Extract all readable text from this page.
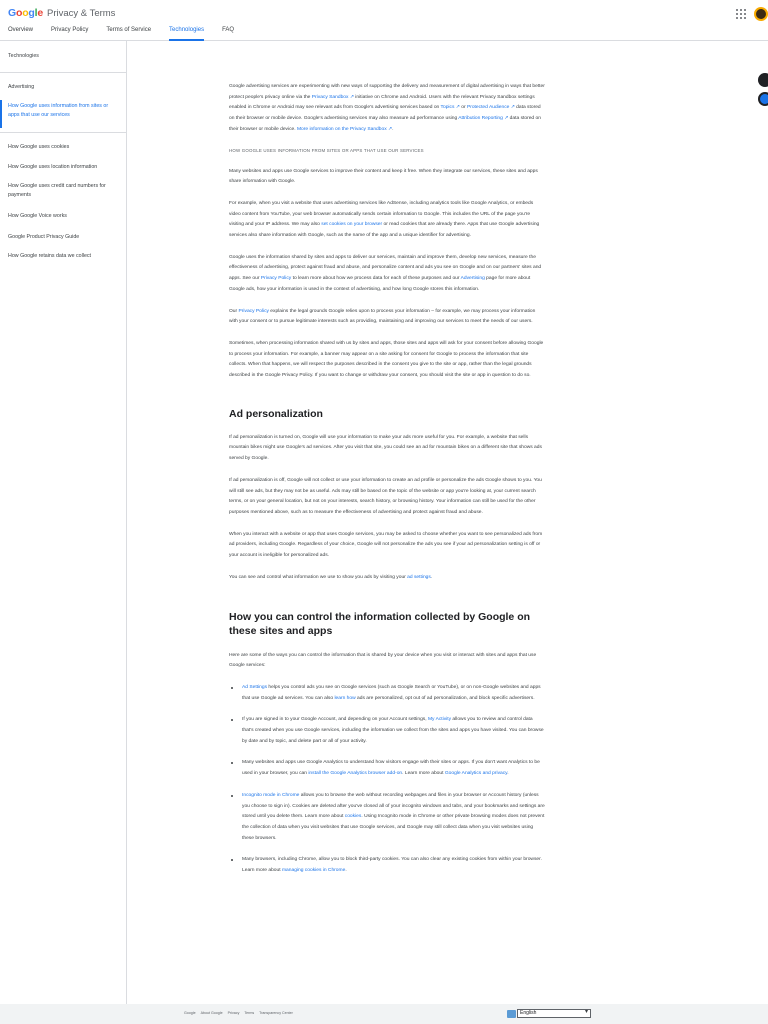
Google Privacy & Terms
Overview	Privacy Policy	Terms of Service	Technologies	FAQ
Technologies
Advertising
How Google uses information from sites or apps that use our services
How Google uses cookies
How Google uses location information
How Google uses credit card numbers for payments
How Google Voice works
Google Product Privacy Guide
How Google retains data we collect

Google advertising services are experimenting with new ways of supporting the delivery and measurement of digital advertising in ways that better protect people's privacy online via the Privacy Sandbox ↗ initiative on Chrome and Android. Users with the relevant Privacy Sandbox settings enabled in Chrome or Android may see relevant ads from Google's advertising services based on Topics ↗ or Protected Audience ↗ data stored on their browser or mobile device. Google's advertising services may also measure ad performance using Attribution Reporting ↗ data stored on their browser or mobile device. More information on the Privacy Sandbox ↗.

HOW GOOGLE USES INFORMATION FROM SITES OR APPS THAT USE OUR SERVICES

Many websites and apps use Google services to improve their content and keep it free. When they integrate our services, these sites and apps share information with Google.

For example, when you visit a website that uses advertising services like AdSense, including analytics tools like Google Analytics, or embeds video content from YouTube, your web browser automatically sends certain information to Google. This includes the URL of the page you're visiting and your IP address. We may also set cookies on your browser or read cookies that are already there. Apps that use Google advertising services also share information with Google, such as the name of the app and a unique identifier for advertising.

Google uses the information shared by sites and apps to deliver our services, maintain and improve them, develop new services, measure the effectiveness of advertising, protect against fraud and abuse, and personalize content and ads you see on Google and on our partners' sites and apps. See our Privacy Policy to learn more about how we process data for each of these purposes and our Advertising page for more about Google ads, how your information is used in the context of advertising, and how long Google stores this information.

Our Privacy Policy explains the legal grounds Google relies upon to process your information – for example, we may process your information with your consent or to pursue legitimate interests such as providing, maintaining and improving our services to meet the needs of our users.

Sometimes, when processing information shared with us by sites and apps, those sites and apps will ask for your consent before allowing Google to process your information. For example, a banner may appear on a site asking for consent for Google to process the information that site collects. When that happens, we will respect the purposes described in the consent you give to the site or app, rather than the legal grounds described in the Google Privacy Policy. If you want to change or withdraw your consent, you should visit the site or app in question to do so.

Ad personalization

If ad personalization is turned on, Google will use your information to make your ads more useful for you. For example, a website that sells mountain bikes might use Google's ad services. After you visit that site, you could see an ad for mountain bikes on a different site that shows ads served by Google.

If ad personalization is off, Google will not collect or use your information to create an ad profile or personalize the ads Google shows to you. You will still see ads, but they may not be as useful. Ads may still be based on the topic of the website or app you're looking at, your current search terms, or on your general location, but not on your interests, search history, or browsing history. Your information can still be used for the other purposes mentioned above, such as to measure the effectiveness of advertising and protect against fraud and abuse.

When you interact with a website or app that uses Google services, you may be asked to choose whether you want to see personalized ads from ad providers, including Google. Regardless of your choice, Google will not personalize the ads you see if your ad personalization setting is off or your account is ineligible for personalized ads.

You can see and control what information we use to show you ads by visiting your ad settings.

How you can control the information collected by Google on these sites and apps

Here are some of the ways you can control the information that is shared by your device when you visit or interact with sites and apps that use Google services:

Ad Settings helps you control ads you see on Google services (such as Google Search or YouTube), or on non-Google websites and apps that use Google ad services. You can also learn how ads are personalized, opt out of ad personalization, and block specific advertisers.
If you are signed in to your Google Account, and depending on your Account settings, My Activity allows you to review and control data that's created when you use Google services, including the information we collect from the sites and apps you have visited. You can browse by date and by topic, and delete part or all of your activity.
Many websites and apps use Google Analytics to understand how visitors engage with their sites or apps. If you don't want Analytics to be used in your browser, you can install the Google Analytics browser add-on. Learn more about Google Analytics and privacy.
Incognito mode in Chrome allows you to browse the web without recording webpages and files in your browser or Account history (unless you choose to sign in). Cookies are deleted after you've closed all of your incognito windows and tabs, and your bookmarks and settings are stored until you delete them. Learn more about cookies. Using Incognito mode in Chrome or other private browsing modes does not prevent the collection of data when you visit websites that use Google services, and Google may still collect data when you visit websites using these browsers.
Many browsers, including Chrome, allow you to block third-party cookies. You can also clear any existing cookies from within your browser. Learn more about managing cookies in Chrome.
Google About Google Privacy Terms Transparency Center	English ▾
